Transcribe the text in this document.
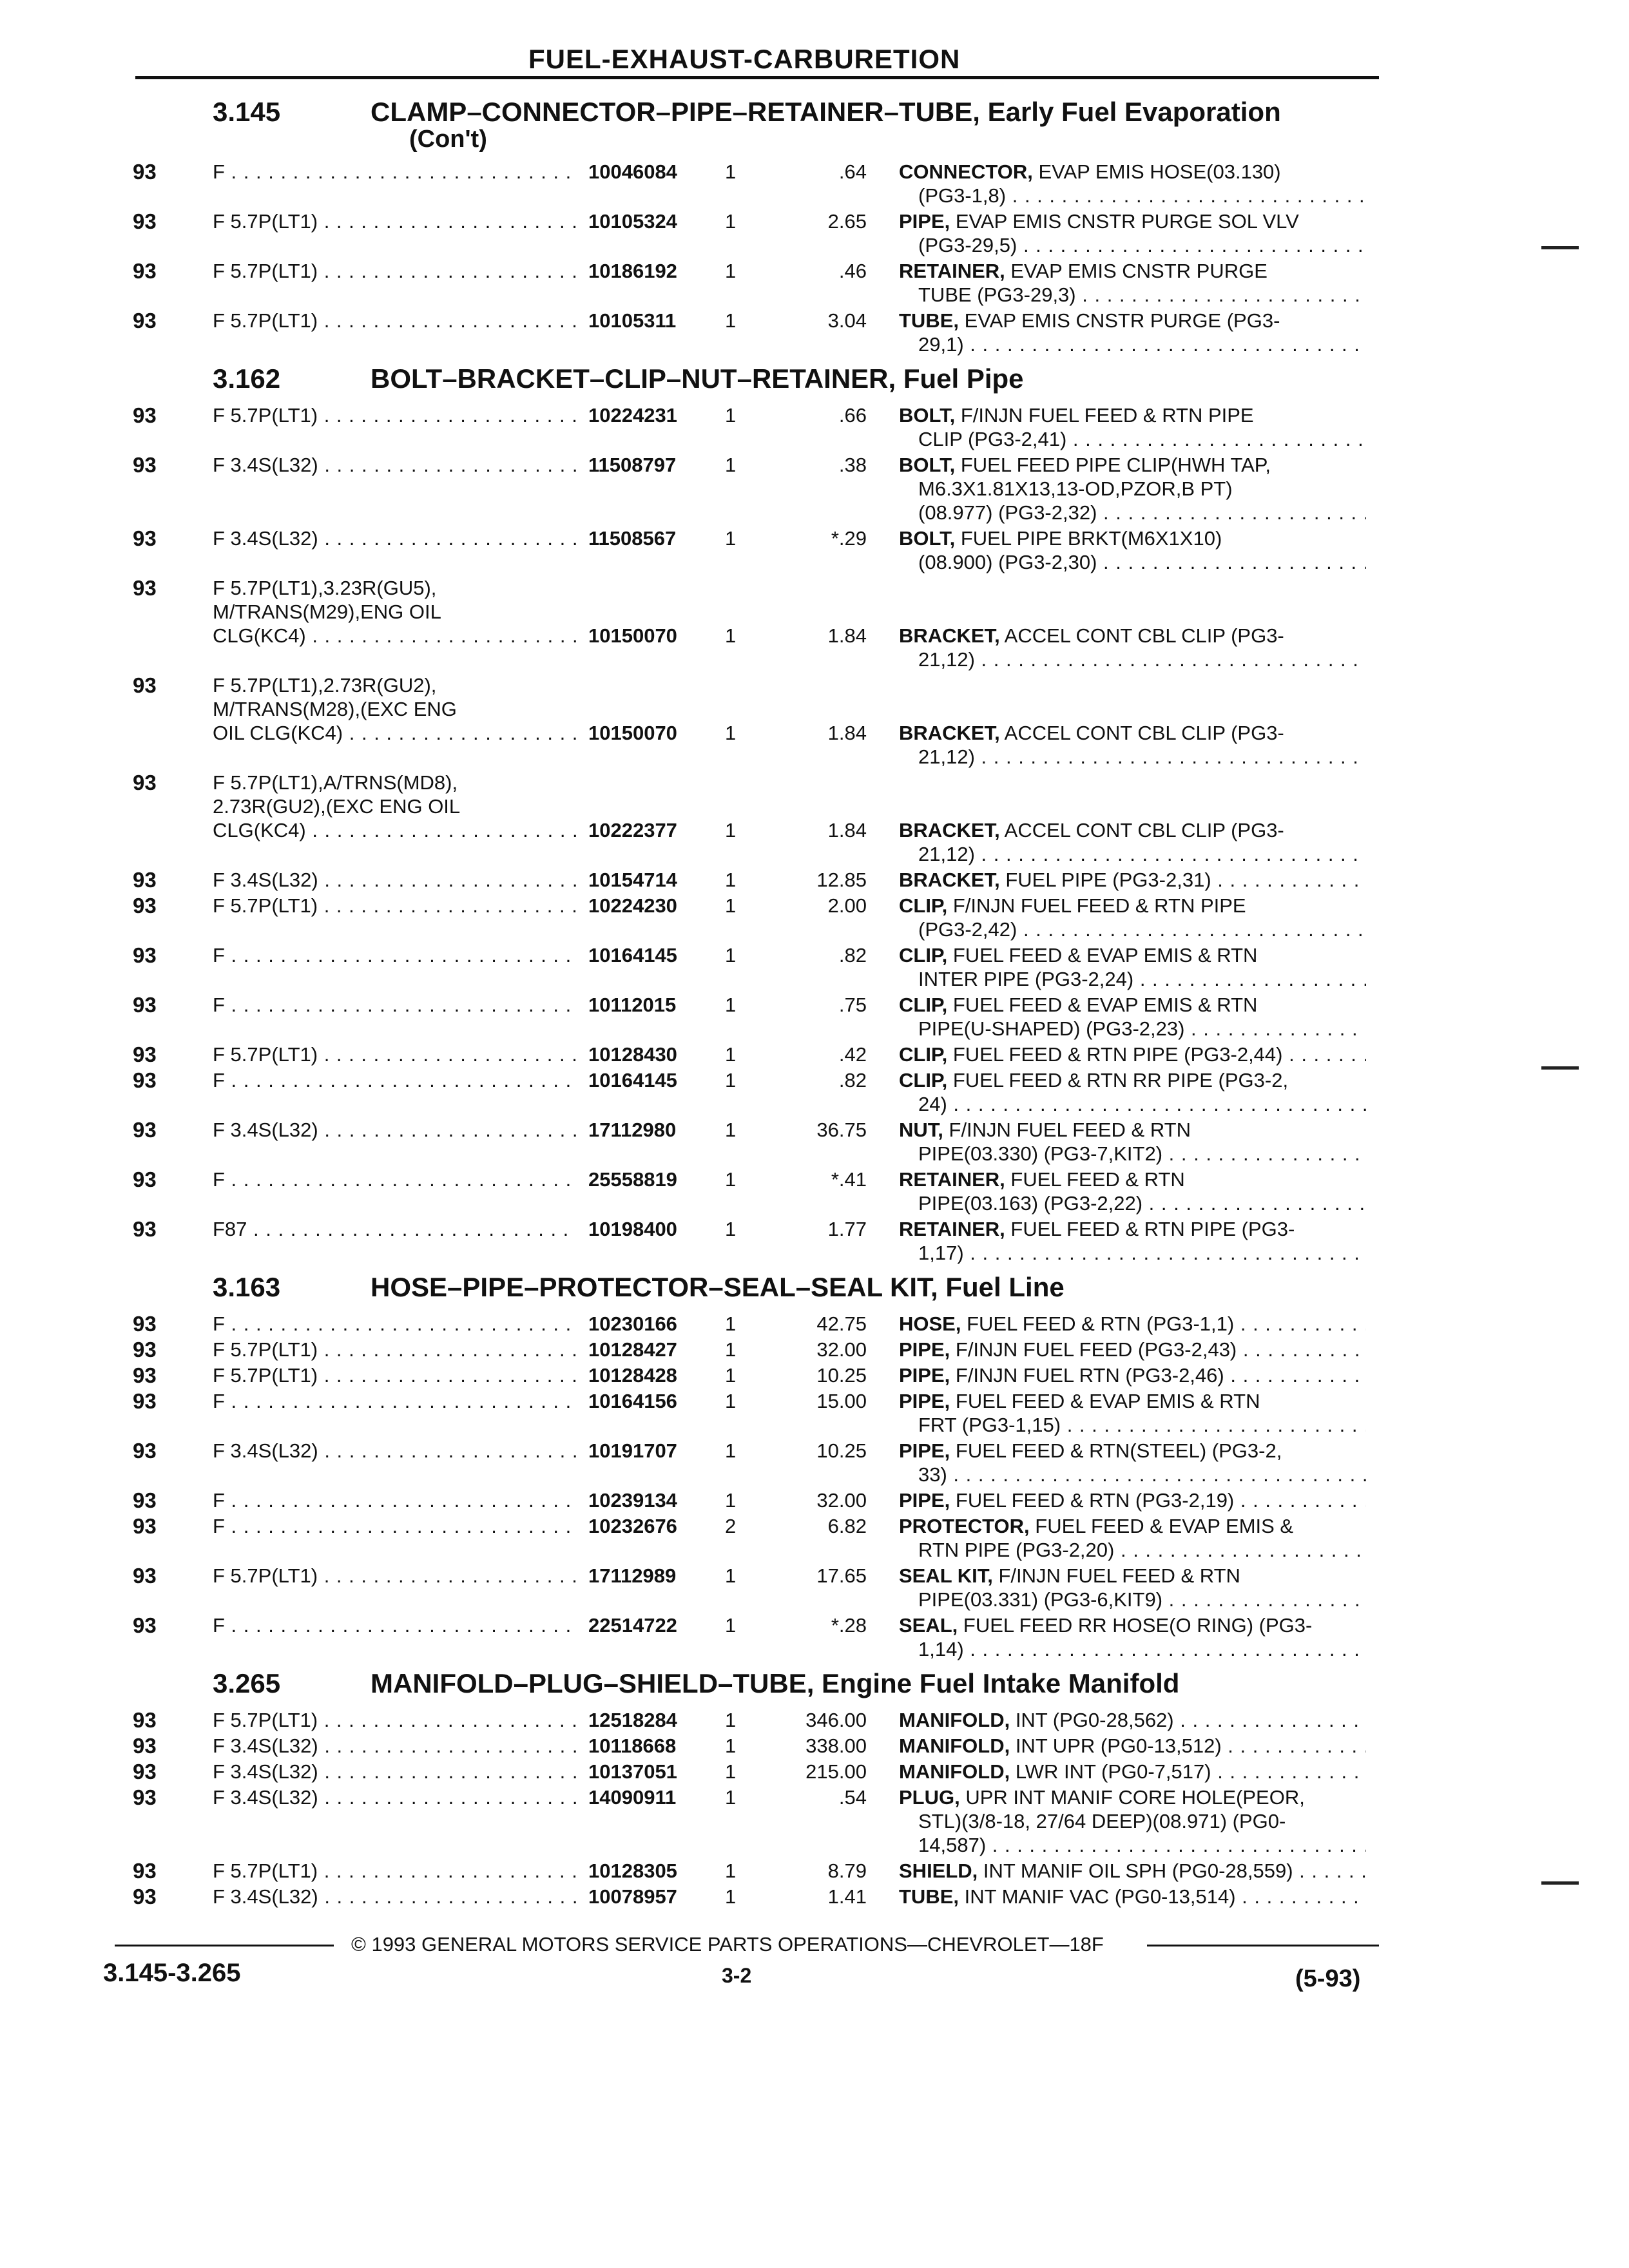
FUEL-EXHAUST-CARBURETION
3.145	CLAMP–CONNECTOR–PIPE–RETAINER–TUBE, Early Fuel Evaporation
(Con't)
93	F . . .	10046084	1	.64 CONNECTOR, EVAP EMIS HOSE(03.130)
(PG3-1,8) . . .
93	F 5.7P(LT1) . . .	10105324	1	2.65 PIPE, EVAP EMIS CNSTR PURGE SOL VLV
(PG3-29,5) . . .
93	F 5.7P(LT1) . . .	10186192	1	.46 RETAINER, EVAP EMIS CNSTR PURGE
TUBE (PG3-29,3) . . .
93	F 5.7P(LT1) . . .	10105311	1	3.04 TUBE, EVAP EMIS CNSTR PURGE (PG3-
29,1) . . .
3.162	BOLT–BRACKET–CLIP–NUT–RETAINER, Fuel Pipe
93	F 5.7P(LT1) . . .	10224231	1	.66 BOLT, F/INJN FUEL FEED & RTN PIPE
CLIP (PG3-2,41) . . .
93	F 3.4S(L32) . . .	11508797	1	.38 BOLT, FUEL FEED PIPE CLIP(HWH TAP,
M6.3X1.81X13,13-OD,PZOR,B PT)
(08.977) (PG3-2,32) . . .
93	F 3.4S(L32) . . .	11508567	1	*.29 BOLT, FUEL PIPE BRKT(M6X1X10)
(08.900) (PG3-2,30) . . .
93	F 5.7P(LT1),3.23R(GU5),
M/TRANS(M29),ENG OIL
CLG(KC4) . . .	10150070	1	1.84 BRACKET, ACCEL CONT CBL CLIP (PG3-
21,12) . . .
93	F 5.7P(LT1),2.73R(GU2),
M/TRANS(M28),(EXC ENG
OIL CLG(KC4) . . .	10150070	1	1.84 BRACKET, ACCEL CONT CBL CLIP (PG3-
21,12) . . .
93	F 5.7P(LT1),A/TRNS(MD8),
2.73R(GU2),(EXC ENG OIL
CLG(KC4) . . .	10222377	1	1.84 BRACKET, ACCEL CONT CBL CLIP (PG3-
21,12) . . .
93	F 3.4S(L32) . . .	10154714	1	12.85 BRACKET, FUEL PIPE (PG3-2,31) . . .
93	F 5.7P(LT1) . . .	10224230	1	2.00 CLIP, F/INJN FUEL FEED & RTN PIPE
(PG3-2,42) . . .
93	F . . .	10164145	1	.82 CLIP, FUEL FEED & EVAP EMIS & RTN
INTER PIPE (PG3-2,24) . . .
93	F . . .	10112015	1	.75 CLIP, FUEL FEED & EVAP EMIS & RTN
PIPE(U-SHAPED) (PG3-2,23) . . .
93	F 5.7P(LT1) . . .	10128430	1	.42 CLIP, FUEL FEED & RTN PIPE (PG3-2,44) . . .
93	F . . .	10164145	1	.82 CLIP, FUEL FEED & RTN RR PIPE (PG3-2,
24) . . .
93	F 3.4S(L32) . . .	17112980	1	36.75 NUT, F/INJN FUEL FEED & RTN
PIPE(03.330) (PG3-7,KIT2) . . .
93	F . . .	25558819	1	*.41 RETAINER, FUEL FEED & RTN
PIPE(03.163) (PG3-2,22) . . .
93	F87 . . .	10198400	1	1.77 RETAINER, FUEL FEED & RTN PIPE (PG3-
1,17) . . .
3.163	HOSE–PIPE–PROTECTOR–SEAL–SEAL KIT, Fuel Line
93	F . . .	10230166	1	42.75 HOSE, FUEL FEED & RTN (PG3-1,1) . . .
93	F 5.7P(LT1) . . .	10128427	1	32.00 PIPE, F/INJN FUEL FEED (PG3-2,43) . . .
93	F 5.7P(LT1) . . .	10128428	1	10.25 PIPE, F/INJN FUEL RTN (PG3-2,46) . . .
93	F . . .	10164156	1	15.00 PIPE, FUEL FEED & EVAP EMIS & RTN
FRT (PG3-1,15) . . .
93	F 3.4S(L32) . . .	10191707	1	10.25 PIPE, FUEL FEED & RTN(STEEL) (PG3-2,
33) . . .
93	F . . .	10239134	1	32.00 PIPE, FUEL FEED & RTN (PG3-2,19) . . .
93	F . . .	10232676	2	6.82 PROTECTOR, FUEL FEED & EVAP EMIS &
RTN PIPE (PG3-2,20) . . .
93	F 5.7P(LT1) . . .	17112989	1	17.65 SEAL KIT, F/INJN FUEL FEED & RTN
PIPE(03.331) (PG3-6,KIT9) . . .
93	F . . .	22514722	1	*.28 SEAL, FUEL FEED RR HOSE(O RING) (PG3-
1,14) . . .
3.265	MANIFOLD–PLUG–SHIELD–TUBE, Engine Fuel Intake Manifold
93	F 5.7P(LT1) . . .	12518284	1	346.00 MANIFOLD, INT (PG0-28,562) . . .
93	F 3.4S(L32) . . .	10118668	1	338.00 MANIFOLD, INT UPR (PG0-13,512) . . .
93	F 3.4S(L32) . . .	10137051	1	215.00 MANIFOLD, LWR INT (PG0-7,517) . . .
93	F 3.4S(L32) . . .	14090911	1	.54 PLUG, UPR INT MANIF CORE HOLE(PEOR,
STL)(3/8-18, 27/64 DEEP)(08.971) (PG0-
14,587) . . .
93	F 5.7P(LT1) . . .	10128305	1	8.79 SHIELD, INT MANIF OIL SPH (PG0-28,559) . . .
93	F 3.4S(L32) . . .	10078957	1	1.41 TUBE, INT MANIF VAC (PG0-13,514) . . .
© 1993 GENERAL MOTORS SERVICE PARTS OPERATIONS—CHEVROLET—18F
3.145-3.265	3-2	(5-93)
